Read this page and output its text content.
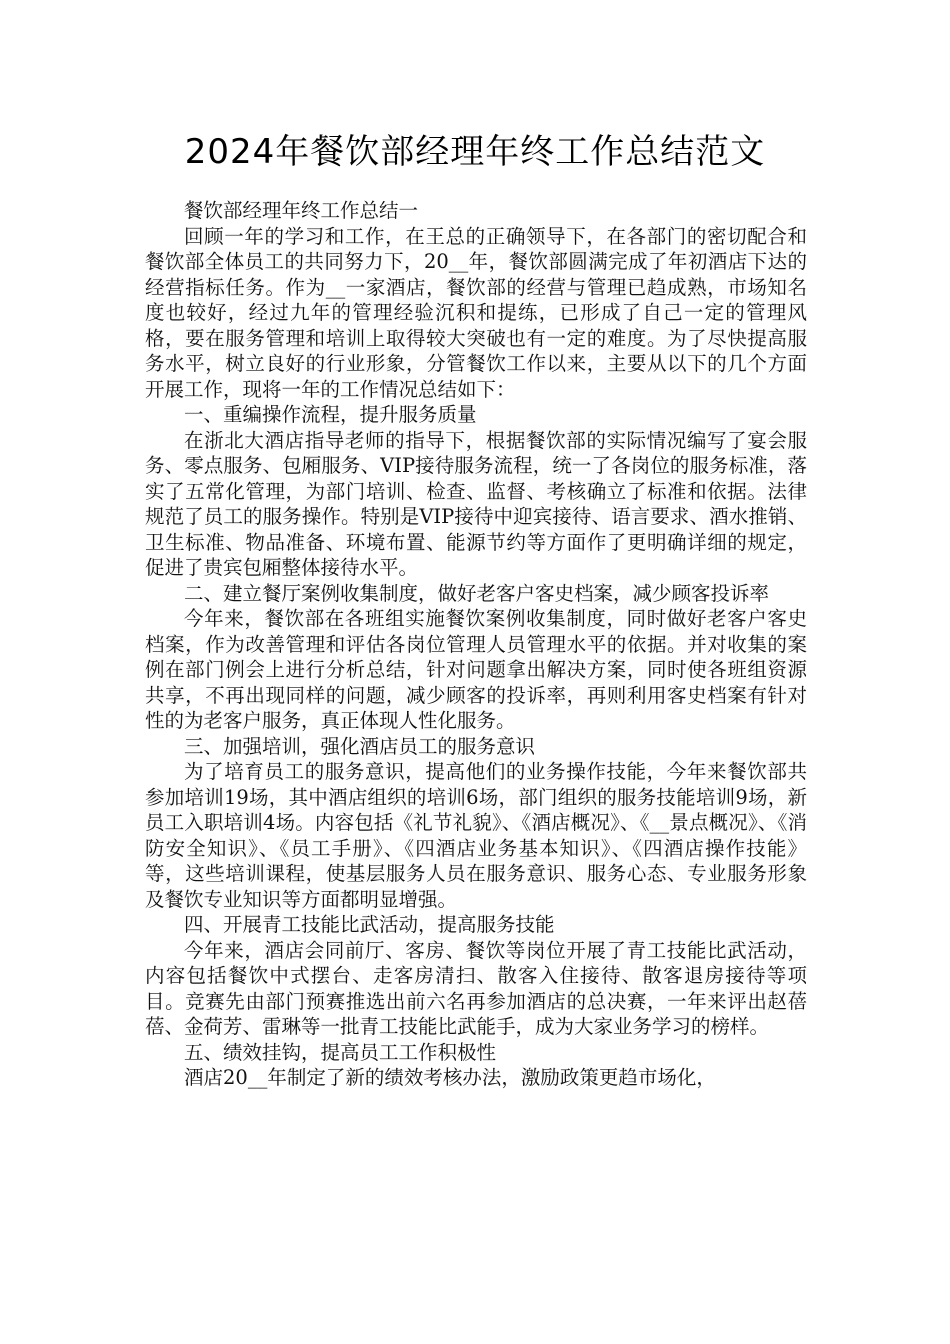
2024年餐饮部经理年终工作总结范文

餐饮部经理年终工作总结一

回顾一年的学习和工作，在王总的正确领导下，在各部门的密切配合和餐饮部全体员工的共同努力下，20__年，餐饮部圆满完成了年初酒店下达的经营指标任务。作为__一家酒店，餐饮部的经营与管理已趋成熟，市场知名度也较好，经过九年的管理经验沉积和提练，已形成了自己一定的管理风格，要在服务管理和培训上取得较大突破也有一定的难度。为了尽快提高服务水平，树立良好的行业形象，分管餐饮工作以来，主要从以下的几个方面开展工作，现将一年的工作情况总结如下：

一、重编操作流程，提升服务质量

在浙北大酒店指导老师的指导下，根据餐饮部的实际情况编写了宴会服务、零点服务、包厢服务、VIP接待服务流程，统一了各岗位的服务标准，落实了五常化管理，为部门培训、检查、监督、考核确立了标准和依据。法律规范了员工的服务操作。特别是VIP接待中迎宾接待、语言要求、酒水推销、卫生标准、物品准备、环境布置、能源节约等方面作了更明确详细的规定，促进了贵宾包厢整体接待水平。

二、建立餐厅案例收集制度，做好老客户客史档案，减少顾客投诉率

今年来，餐饮部在各班组实施餐饮案例收集制度，同时做好老客户客史档案，作为改善管理和评估各岗位管理人员管理水平的依据。并对收集的案例在部门例会上进行分析总结，针对问题拿出解决方案，同时使各班组资源共享，不再出现同样的问题，减少顾客的投诉率，再则利用客史档案有针对性的为老客户服务，真正体现人性化服务。

三、加强培训，强化酒店员工的服务意识

为了培育员工的服务意识，提高他们的业务操作技能，今年来餐饮部共参加培训19场，其中酒店组织的培训6场，部门组织的服务技能培训9场，新员工入职培训4场。内容包括《礼节礼貌》、《酒店概况》、《__景点概况》、《消防安全知识》、《员工手册》、《四酒店业务基本知识》、《四酒店操作技能》等，这些培训课程，使基层服务人员在服务意识、服务心态、专业服务形象及餐饮专业知识等方面都明显增强。

四、开展青工技能比武活动，提高服务技能

今年来，酒店会同前厅、客房、餐饮等岗位开展了青工技能比武活动，内容包括餐饮中式摆台、走客房清扫、散客入住接待、散客退房接待等项目。竞赛先由部门预赛推选出前六名再参加酒店的总决赛，一年来评出赵蓓蓓、金荷芳、雷琳等一批青工技能比武能手，成为大家业务学习的榜样。

五、绩效挂钩，提高员工工作积极性

酒店20__年制定了新的绩效考核办法，激励政策更趋市场化，
